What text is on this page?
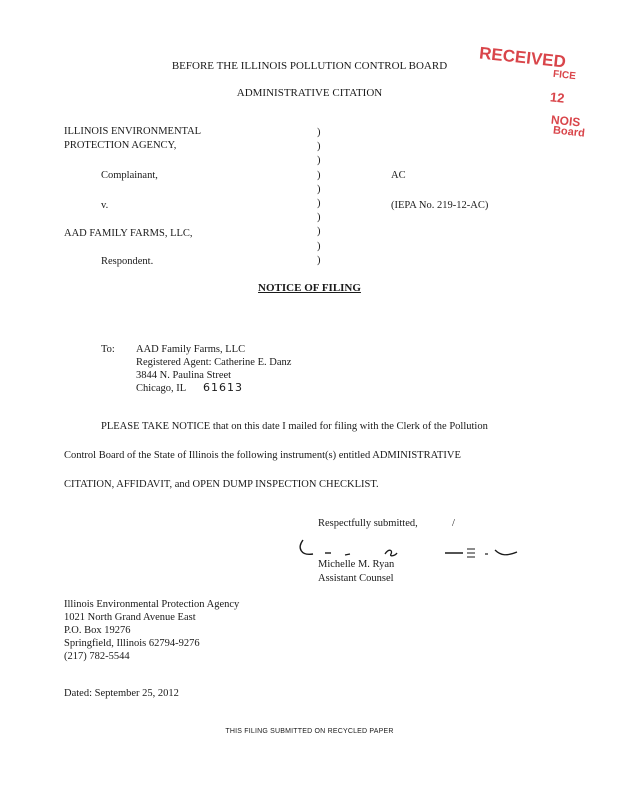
BEFORE THE ILLINOIS POLLUTION CONTROL BOARD
ADMINISTRATIVE CITATION
RECEIVED
FICE
12
NOIS
Board
ILLINOIS ENVIRONMENTAL
PROTECTION AGENCY,
Complainant,
v.
AAD FAMILY FARMS, LLC,
Respondent.
)
)
)
)
)
)
)
)
)
)
AC
(IEPA No. 219-12-AC)
NOTICE OF FILING
To: AAD Family Farms, LLC
Registered Agent: Catherine E. Danz
3844 N. Paulina Street
Chicago, IL 61613
PLEASE TAKE NOTICE that on this date I mailed for filing with the Clerk of the Pollution
Control Board of the State of Illinois the following instrument(s) entitled ADMINISTRATIVE
CITATION, AFFIDAVIT, and OPEN DUMP INSPECTION CHECKLIST.
Respectfully submitted,	/
Michelle M. Ryan
Assistant Counsel
Illinois Environmental Protection Agency
1021 North Grand Avenue East
P.O. Box 19276
Springfield, Illinois 62794-9276
(217) 782-5544
Dated: September 25, 2012
THIS FILING SUBMITTED ON RECYCLED PAPER
